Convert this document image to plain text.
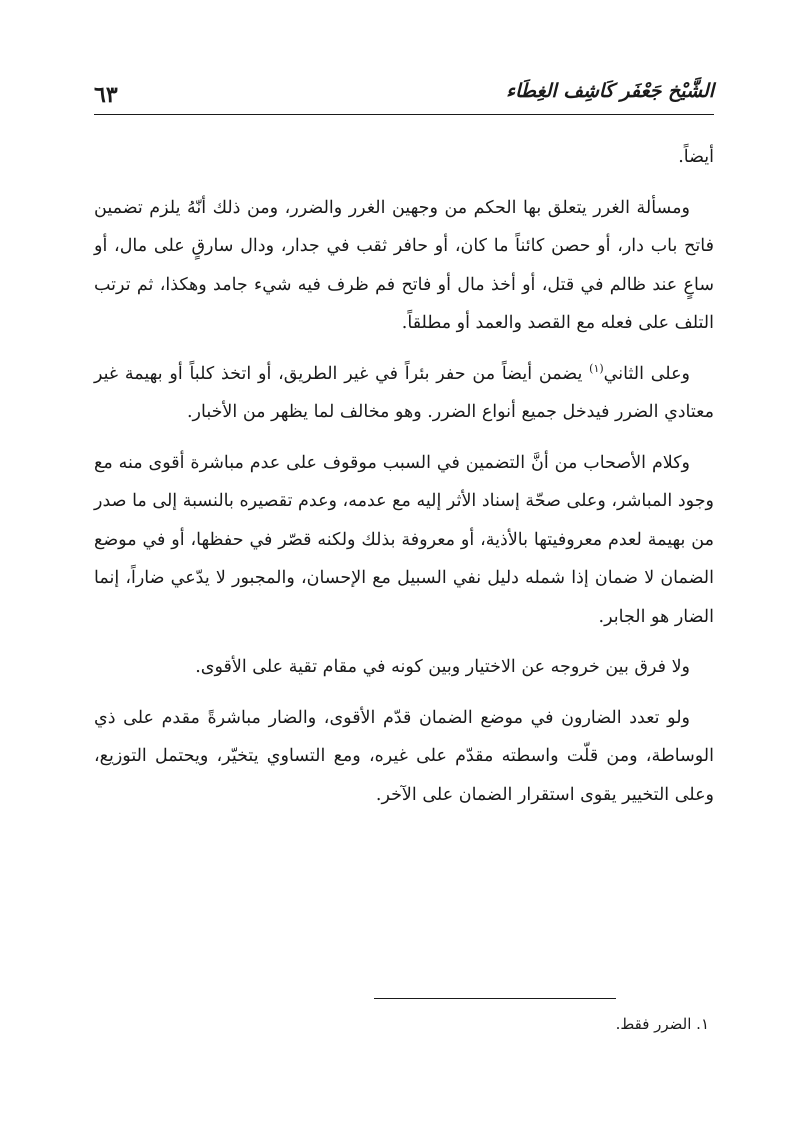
الشَّيْخ جَعْفَر كَاشِف الغِطَاء
٦٣

أيضاً.

ومسألة الغرر يتعلق بها الحكم من وجهين الغرر والضرر، ومن ذلك أنّهُ يلزم تضمين فاتح باب دار، أو حصن كائناً ما كان، أو حافر ثقب في جدار، ودال سارقٍ على مال، أو ساعٍ عند ظالم في قتل، أو أخذ مال أو فاتح فم ظرف فيه شيء جامد وهكذا، ثم ترتب التلف على فعله مع القصد والعمد أو مطلقاً.

وعلى الثاني$^{(١)}$ يضمن أيضاً من حفر بئراً في غير الطريق، أو اتخذ كلباً أو بهيمة غير معتادي الضرر فيدخل جميع أنواع الضرر. وهو مخالف لما يظهر من الأخبار.

وكلام الأصحاب من أنَّ التضمين في السبب موقوف على عدم مباشرة أقوى منه مع وجود المباشر، وعلى صحّة إسناد الأثر إليه مع عدمه، وعدم تقصيره بالنسبة إلى ما صدر من بهيمة لعدم معروفيتها بالأذية، أو معروفة بذلك ولكنه قصّر في حفظها، أو في موضع الضمان لا ضمان إذا شمله دليل نفي السبيل مع الإحسان، والمجبور لا يدّعي ضاراً، إنما الضار هو الجابر.

ولا فرق بين خروجه عن الاختيار وبين كونه في مقام تقية على الأقوى.

ولو تعدد الضارون في موضع الضمان قدّم الأقوى، والضار مباشرةً مقدم على ذي الوساطة، ومن قلّت واسطته مقدّم على غيره، ومع التساوي يتخيّر، ويحتمل التوزيع، وعلى التخيير يقوى استقرار الضمان على الآخر.

١. الضرر فقط.
